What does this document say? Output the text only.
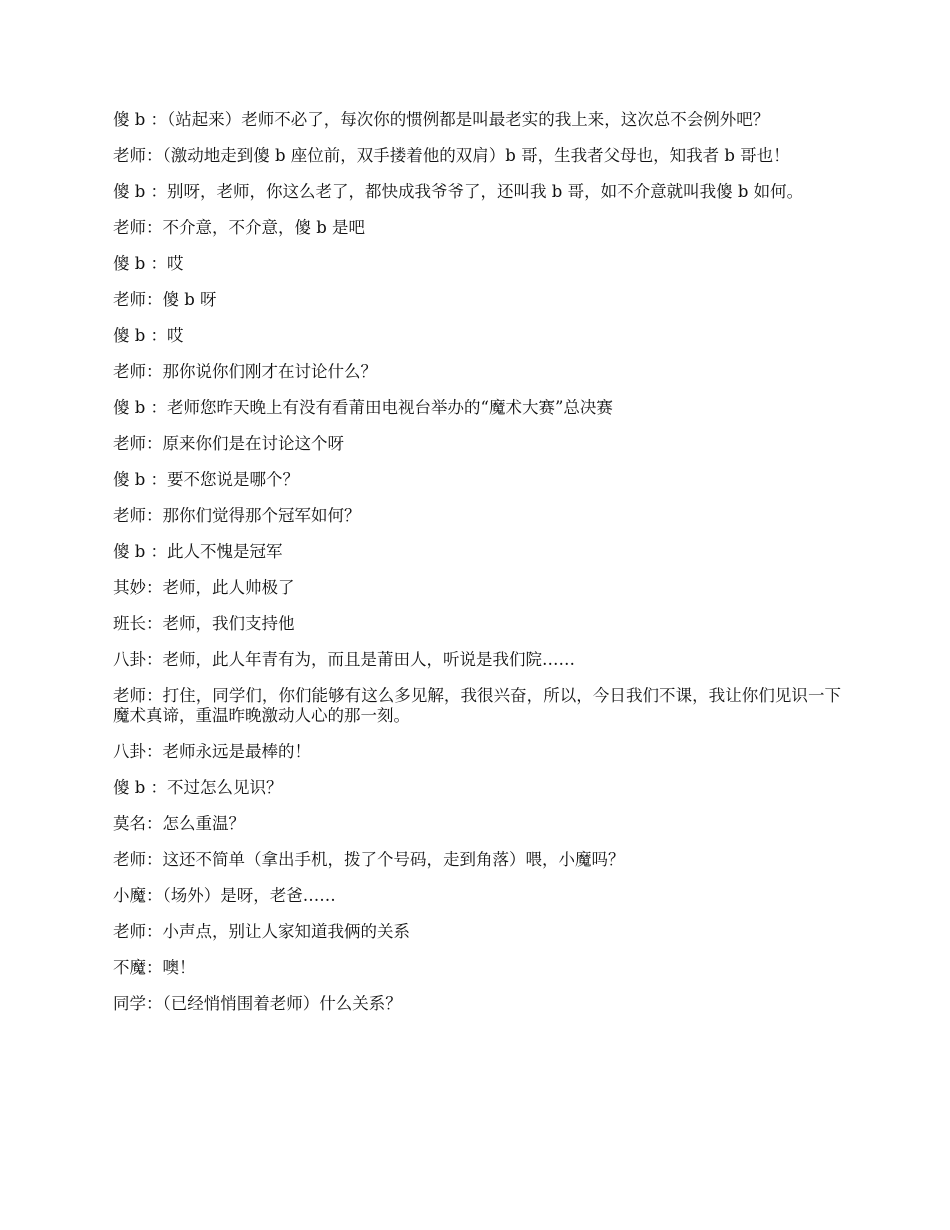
傻 b ：（站起来）老师不必了，每次你的惯例都是叫最老实的我上来，这次总不会例外吧？

老师：（激动地走到傻 b 座位前，双手搂着他的双肩）b 哥，生我者父母也，知我者 b 哥也！

傻 b ：别呀，老师，你这么老了，都快成我爷爷了，还叫我 b 哥，如不介意就叫我傻 b 如何。

老师：不介意，不介意，傻 b 是吧

傻 b ：哎

老师：傻 b 呀

傻 b ：哎

老师：那你说你们刚才在讨论什么？

傻 b ：老师您昨天晚上有没有看莆田电视台举办的“魔术大赛”总决赛

老师：原来你们是在讨论这个呀

傻 b ：要不您说是哪个？

老师：那你们觉得那个冠军如何？

傻 b ：此人不愧是冠军

其妙：老师，此人帅极了

班长：老师，我们支持他

八卦：老师，此人年青有为，而且是莆田人，听说是我们院……

老师：打住，同学们，你们能够有这么多见解，我很兴奋，所以，今日我们不课，我让你们见识一下魔术真谛，重温昨晚激动人心的那一刻。

八卦：老师永远是最棒的！

傻 b ：不过怎么见识？

莫名：怎么重温？

老师：这还不简单（拿出手机，拨了个号码，走到角落）喂，小魔吗？

小魔：（场外）是呀，老爸……

老师：小声点，别让人家知道我俩的关系

不魔：噢！

同学：（已经悄悄围着老师）什么关系？
